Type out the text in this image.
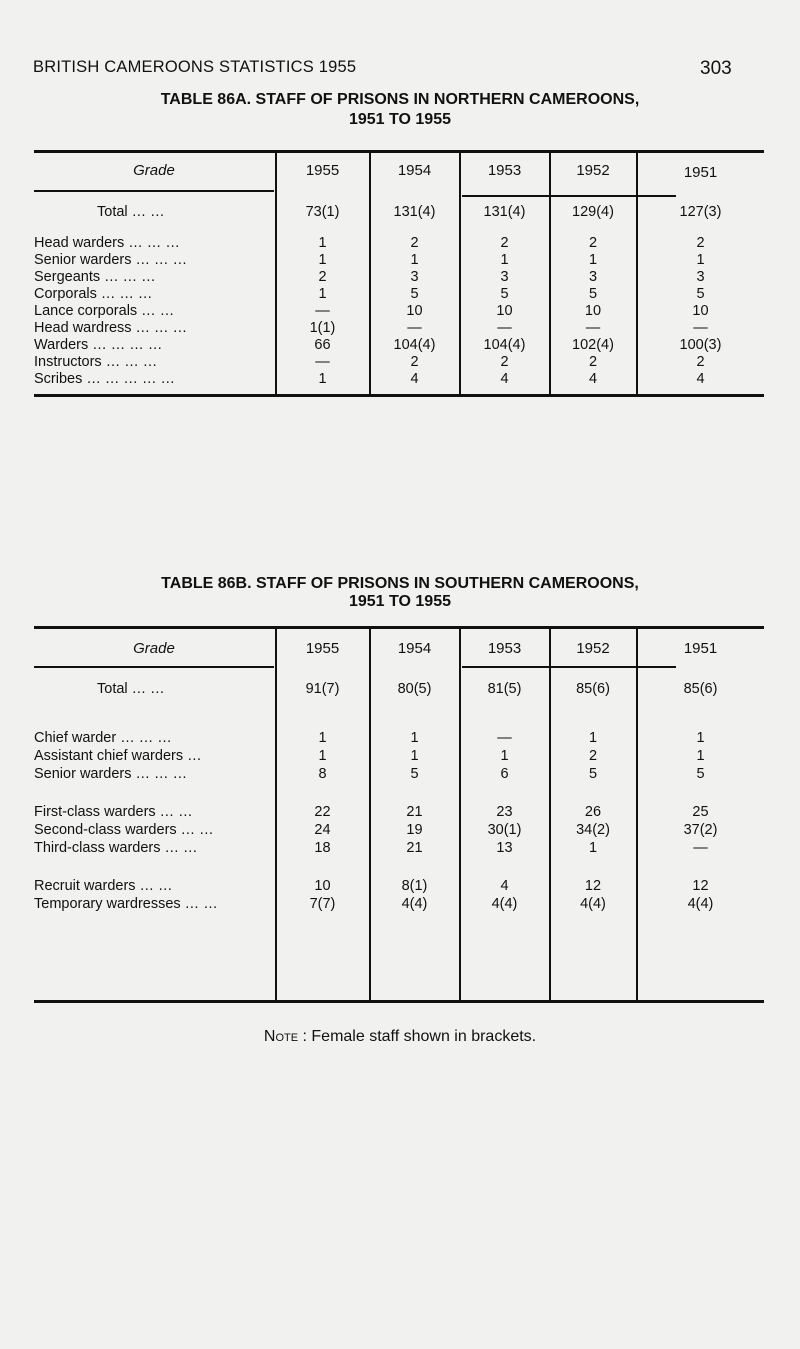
BRITISH CAMEROONS STATISTICS 1955	303
TABLE 86A. STAFF OF PRISONS IN NORTHERN CAMEROONS,
1951 TO 1955
Grade	1955	1954	1953	1952	1951
Total … …	73(1)	131(4)	131(4)	129(4)	127(3)
Head warders … … …	1	2	2	2	2
Senior warders … … …	1	1	1	1	1
Sergeants … … …	2	3	3	3	3
Corporals … … …	1	5	5	5	5
Lance corporals … …	—	10	10	10	10
Head wardress … … …	1(1)	—	—	—	—
Warders … … … …	66	104(4)	104(4)	102(4)	100(3)
Instructors … … …	—	2	2	2	2
Scribes … … … … …	1	4	4	4	4
TABLE 86B. STAFF OF PRISONS IN SOUTHERN CAMEROONS,
1951 TO 1955
Grade	1955	1954	1953	1952	1951
Total … …	91(7)	80(5)	81(5)	85(6)	85(6)
Chief warder … … …	1	1	—	1	1
Assistant chief warders …	1	1	1	2	1
Senior warders … … …	8	5	6	5	5
First-class warders … …	22	21	23	26	25
Second-class warders … …	24	19	30(1)	34(2)	37(2)
Third-class warders … …	18	21	13	1	—
Recruit warders … …	10	8(1)	4	12	12
Temporary wardresses … …	7(7)	4(4)	4(4)	4(4)	4(4)
Note : Female staff shown in brackets.
